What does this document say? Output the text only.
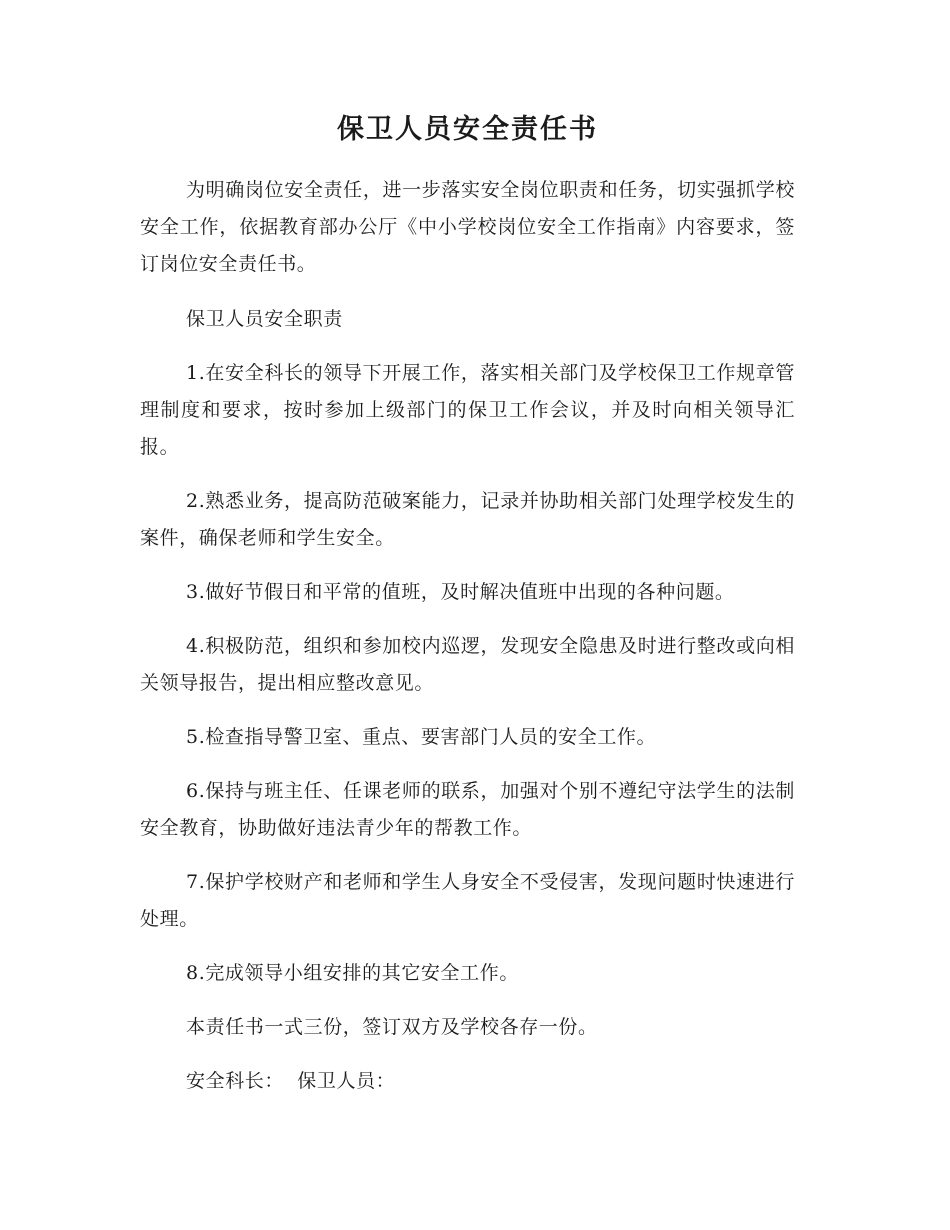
保卫人员安全责任书

为明确岗位安全责任，进一步落实安全岗位职责和任务，切实强抓学校安全工作，依据教育部办公厅《中小学校岗位安全工作指南》内容要求，签订岗位安全责任书。

保卫人员安全职责

1.在安全科长的领导下开展工作，落实相关部门及学校保卫工作规章管理制度和要求，按时参加上级部门的保卫工作会议，并及时向相关领导汇报。

2.熟悉业务，提高防范破案能力，记录并协助相关部门处理学校发生的案件，确保老师和学生安全。

3.做好节假日和平常的值班，及时解决值班中出现的各种问题。

4.积极防范，组织和参加校内巡逻，发现安全隐患及时进行整改或向相关领导报告，提出相应整改意见。

5.检查指导警卫室、重点、要害部门人员的安全工作。

6.保持与班主任、任课老师的联系，加强对个别不遵纪守法学生的法制安全教育，协助做好违法青少年的帮教工作。

7.保护学校财产和老师和学生人身安全不受侵害，发现问题时快速进行处理。

8.完成领导小组安排的其它安全工作。

本责任书一式三份，签订双方及学校各存一份。

安全科长：  保卫人员：
